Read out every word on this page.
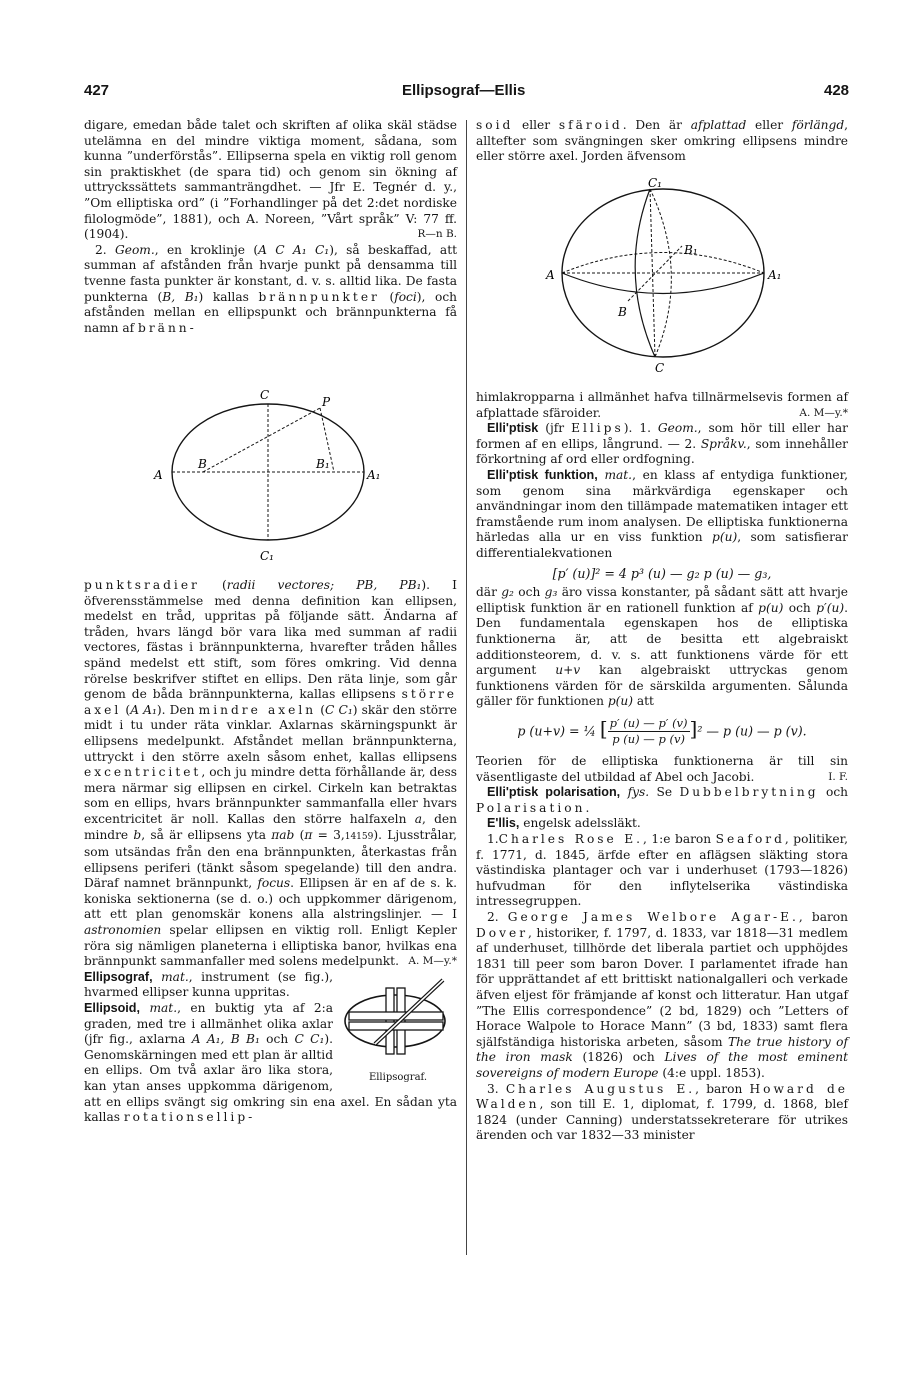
427	Ellipsograf—Ellis	428

digare, emedan både talet och skriften af olika skäl städse utelämna en del mindre viktiga moment, sådana, som kunna ”underförstås”. Ellipserna spela en viktig roll genom sin praktiskhet (de spara tid) och genom sin ökning af uttryckssättets sammanträngdhet. — Jfr E. Tegnér d. y., ”Om elliptiska ord” (i ”Forhandlinger på det 2:det nordiske filologmöde”, 1881), och A. Noreen, ”Vårt språk” V: 77 ff. (1904).	R—n B.

2. Geom., en kroklinje (A C A₁ C₁), så beskaffad, att summan af afstånden från hvarje punkt på densamma till tvenne fasta punkter är konstant, d. v. s. alltid lika. De fasta punkterna (B, B₁) kallas brännpunkter (foci), och afstånden mellan en ellipspunkt och brännpunkterna få namn af bränn-

C	P
A
B	B₁
A₁
C₁

punktsradier (radii vectores; PB, PB₁). I öfverensstämmelse med denna definition kan ellipsen, medelst en tråd, uppritas på följande sätt. Ändarna af tråden, hvars längd bör vara lika med summan af radii vectores, fästas i brännpunkterna, hvarefter tråden hålles spänd medelst ett stift, som föres omkring. Vid denna rörelse beskrifver stiftet en ellips. Den räta linje, som går genom de båda brännpunkterna, kallas ellipsens större axel (A A₁). Den mindre axeln (C C₁) skär den större midt i tu under räta vinklar. Axlarnas skärningspunkt är ellipsens medelpunkt. Afståndet mellan brännpunkterna, uttryckt i den större axeln såsom enhet, kallas ellipsens excentricitet, och ju mindre detta förhållande är, dess mera närmar sig ellipsen en cirkel. Cirkeln kan betraktas som en ellips, hvars brännpunkter sammanfalla eller hvars excentricitet är noll. Kallas den större halfaxeln a, den mindre b, så är ellipsens yta πab (π = 3,14159). Ljusstrålar, som utsändas från den ena brännpunkten, återkastas från ellipsens periferi (tänkt såsom spegelande) till den andra. Däraf namnet brännpunkt, focus. Ellipsen är en af de s. k. koniska sektionerna (se d. o.) och uppkommer därigenom, att ett plan genomskär konens alla alstringslinjer. — I astronomien spelar ellipsen en viktig roll. Enligt Kepler röra sig nämligen planeterna i elliptiska banor, hvilkas ena brännpunkt sammanfaller med solens medelpunkt. A. M—y.*

Ellipsograf.

Ellipsograf, mat., instrument (se fig.), hvarmed ellipser kunna uppritas.

Ellipsoid, mat., en buktig yta af 2:a graden, med tre i allmänhet olika axlar (jfr fig., axlarna A A₁, B B₁ och C C₁). Genomskärningen med ett plan är alltid en ellips. Om två axlar äro lika stora, kan ytan anses uppkomma därigenom, att en ellips svängt sig omkring sin ena axel. En sådan yta kallas rotationsellip-

soid eller sfäroid. Den är afplattad eller förlängd, alltefter som svängningen sker omkring ellipsens mindre eller större axel. Jorden äfvensom

C₁
B₁
A	A₁
B
C

himlakropparna i allmänhet hafva tillnärmelsevis formen af afplattade sfäroider.	A. M—y.*

Elli'ptisk (jfr Ellips). 1. Geom., som hör till eller har formen af en ellips, långrund. — 2. Språkv., som innehåller förkortning af ord eller ordfogning.

Elli'ptisk funktion, mat., en klass af entydiga funktioner, som genom sina märkvärdiga egenskaper och användningar inom den tillämpade matematiken intager ett framstående rum inom analysen. De elliptiska funktionerna härledas alla ur en viss funktion p(u), som satisfierar differentialekvationen

[p′ (u)]² = 4 p³ (u) — g₂ p (u) — g₃,

där g₂ och g₃ äro vissa konstanter, på sådant sätt att hvarje elliptisk funktion är en rationell funktion af p(u) och p′(u). Den fundamentala egenskapen hos de elliptiska funktionerna är, att de besitta ett algebraiskt additionsteorem, d. v. s. att funktionens värde för ett argument u+v kan algebraiskt uttryckas genom funktionens värden för de särskilda argumenten. Sålunda gäller för funktionen p(u) att

p (u+v) = ¼ [ $\frac{p' (u) — p' (v)}{p (u) — p (v)} ]^2$ — p (u) — p (v).

Teorien för de elliptiska funktionerna är till sin väsentligaste del utbildad af Abel och Jacobi.	I. F.

Elli'ptisk polarisation, fys. Se Dubbelbrytning och Polarisation.

E'llis, engelsk adelssläkt.

1.Charles Rose E., 1:e baron Seaford, politiker, f. 1771, d. 1845, ärfde efter en aflägsen släkting stora västindiska plantager och var i underhuset (1793—1826) hufvudman för den inflytelserika västindiska intressegruppen.

2. George James Welbore Agar-E., baron Dover, historiker, f. 1797, d. 1833, var 1818—31 medlem af underhuset, tillhörde det liberala partiet och upphöjdes 1831 till peer som baron Dover. I parlamentet ifrade han för upprättandet af ett brittiskt nationalgalleri och verkade äfven eljest för främjande af konst och litteratur. Han utgaf ”The Ellis correspondence” (2 bd, 1829) och ”Letters of Horace Walpole to Horace Mann” (3 bd, 1833) samt flera själfständiga historiska arbeten, såsom The true history of the iron mask (1826) och Lives of the most eminent sovereigns of modern Europe (4:e uppl. 1853).

3. Charles Augustus E., baron Howard de Walden, son till E. 1, diplomat, f. 1799, d. 1868, blef 1824 (under Canning) understatssekreterare för utrikes ärenden och var 1832—33 minister
